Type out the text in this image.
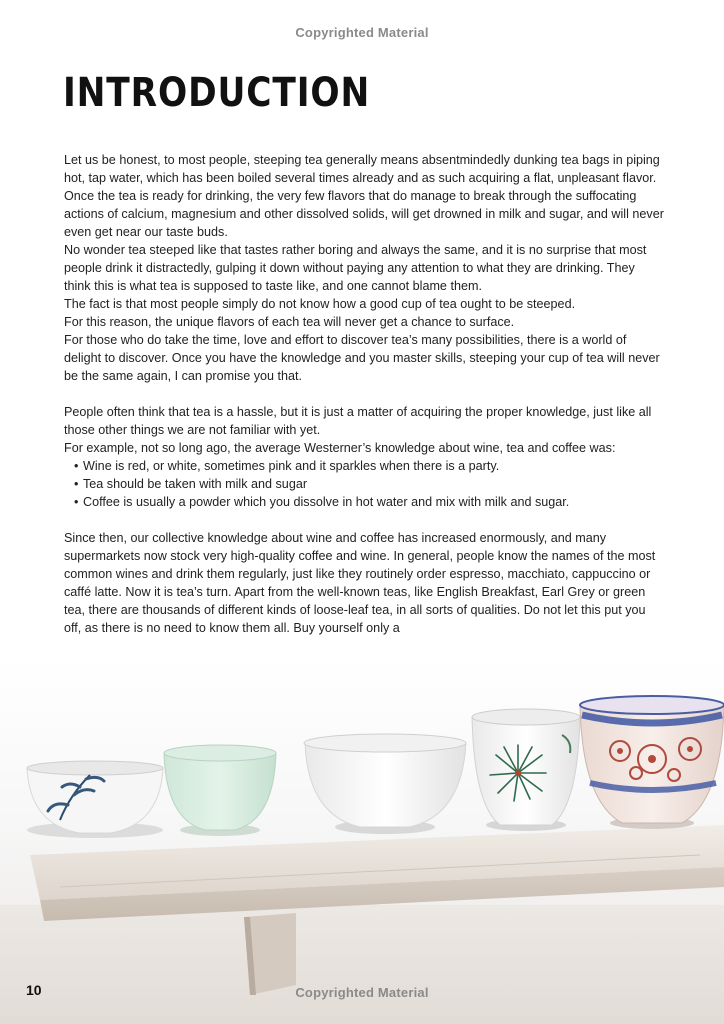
Copyrighted Material
INTRODUCTION

Let us be honest, to most people, steeping tea generally means absentmindedly dunking tea bags in piping hot, tap water, which has been boiled several times already and as such acquiring a flat, unpleasant flavor. Once the tea is ready for drinking, the very few flavors that do manage to break through the suffocating actions of calcium, magnesium and other dissolved solids, will get drowned in milk and sugar, and will never even get near our taste buds.

No wonder tea steeped like that tastes rather boring and always the same, and it is no surprise that most people drink it distractedly, gulping it down without paying any attention to what they are drinking. They think this is what tea is supposed to taste like, and one cannot blame them.

The fact is that most people simply do not know how a good cup of tea ought to be steeped.

For this reason, the unique flavors of each tea will never get a chance to surface.

For those who do take the time, love and effort to discover tea’s many possibilities, there is a world of delight to discover. Once you have the knowledge and you master skills, steeping your cup of tea will never be the same again, I can promise you that.

People often think that tea is a hassle, but it is just a matter of acquiring the proper knowledge, just like all those other things we are not familiar with yet.

For example, not so long ago, the average Westerner’s knowledge about wine, tea and coffee was:

• Wine is red, or white, sometimes pink and it sparkles when there is a party.
• Tea should be taken with milk and sugar
• Coffee is usually a powder which you dissolve in hot water and mix with milk and sugar.

Since then, our collective knowledge about wine and coffee has increased enormously, and many supermarkets now stock very high-quality coffee and wine. In general, people know the names of the most common wines and drink them regularly, just like they routinely order espresso, macchiato, cappuccino or caffé latte. Now it is tea’s turn. Apart from the well-known teas, like English Breakfast, Earl Grey or green tea, there are thousands of different kinds of loose-leaf tea, in all sorts of qualities. Do not let this put you off, as there is no need to know them all. Buy yourself only a

Copyrighted Material
10
